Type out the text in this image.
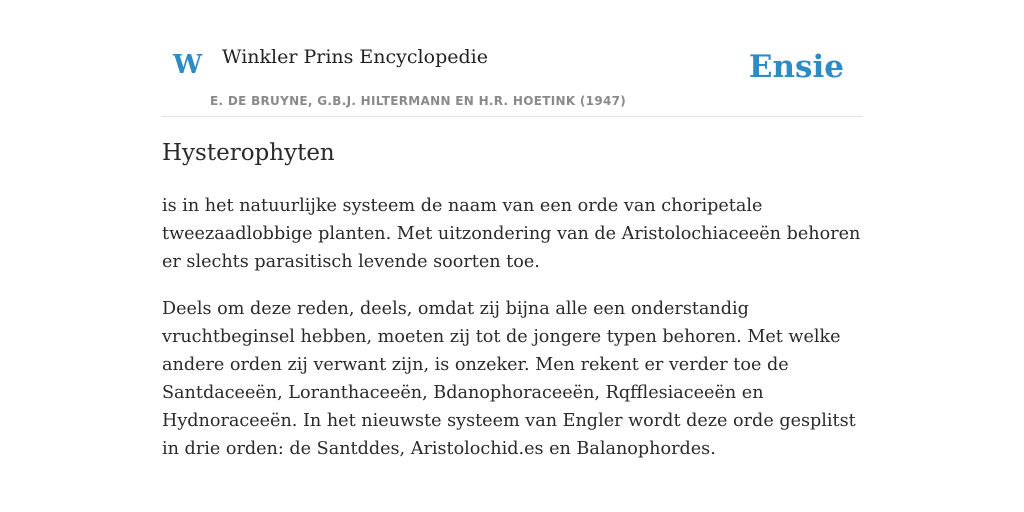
W Winkler Prins Encyclopedie
E. DE BRUYNE, G.B.J. HILTERMANN EN H.R. HOETINK (1947)
Ensie
Hysterophyten

is in het natuurlijke systeem de naam van een orde van choripetale tweezaadlobbige planten. Met uitzondering van de Aristolochiaceeën behoren er slechts parasitisch levende soorten toe.

Deels om deze reden, deels, omdat zij bijna alle een onderstandig vruchtbeginsel hebben, moeten zij tot de jongere typen behoren. Met welke andere orden zij verwant zijn, is onzeker. Men rekent er verder toe de Santdaceeën, Loranthaceeën, Bdanophoraceeën, Rqfflesiaceeën en Hydnoraceeën. In het nieuwste systeem van Engler wordt deze orde gesplitst in drie orden: de Santddes, Aristolochid.es en Balanophordes.
